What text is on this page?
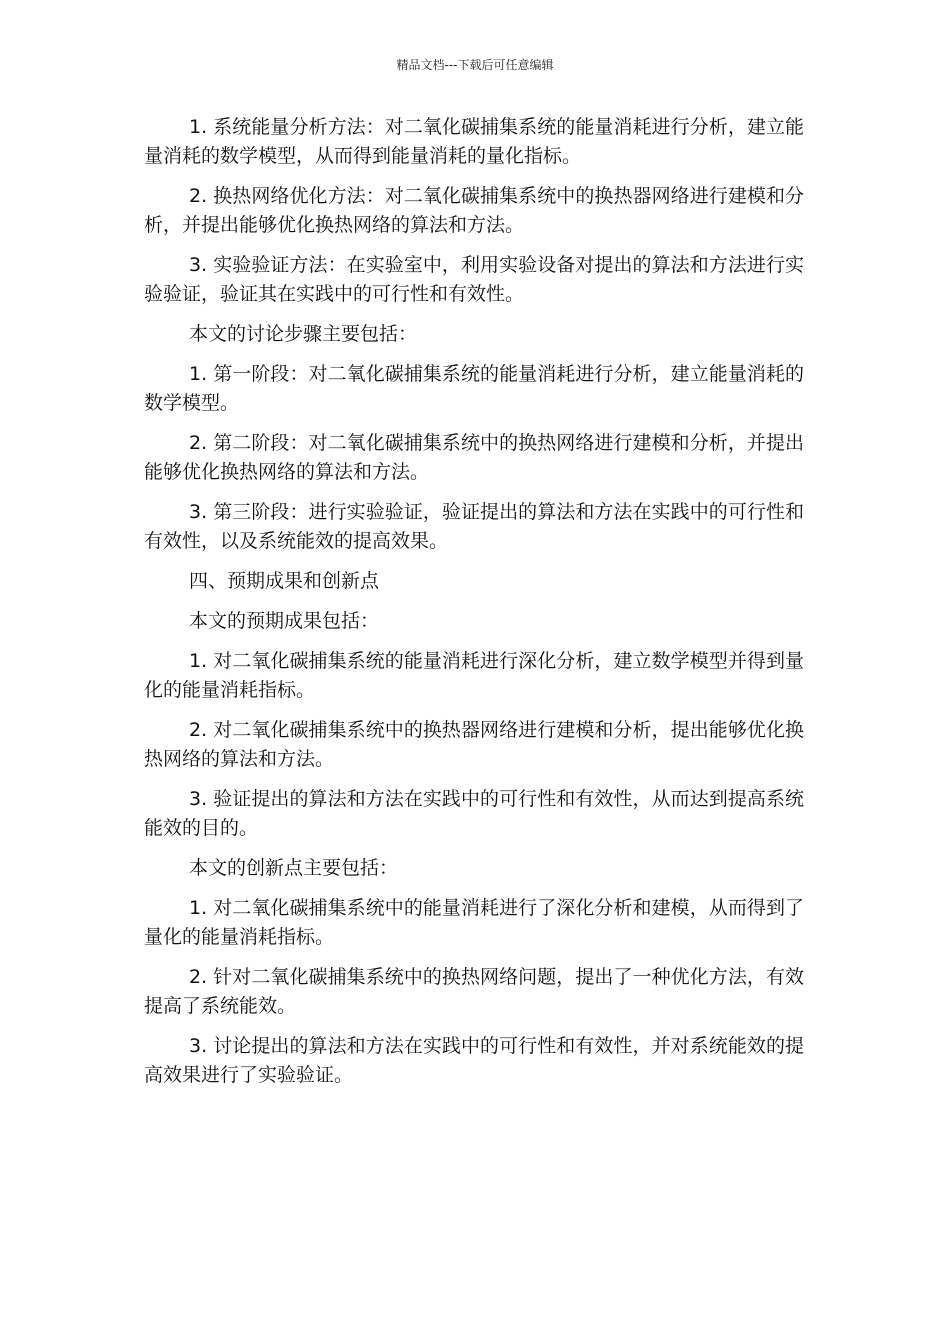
精品文档---下载后可任意编辑

1. 系统能量分析方法：对二氧化碳捕集系统的能量消耗进行分析，建立能量消耗的数学模型，从而得到能量消耗的量化指标。

2. 换热网络优化方法：对二氧化碳捕集系统中的换热器网络进行建模和分析，并提出能够优化换热网络的算法和方法。

3. 实验验证方法：在实验室中，利用实验设备对提出的算法和方法进行实验验证，验证其在实践中的可行性和有效性。

本文的讨论步骤主要包括：

1. 第一阶段：对二氧化碳捕集系统的能量消耗进行分析，建立能量消耗的数学模型。

2. 第二阶段：对二氧化碳捕集系统中的换热网络进行建模和分析，并提出能够优化换热网络的算法和方法。

3. 第三阶段：进行实验验证，验证提出的算法和方法在实践中的可行性和有效性，以及系统能效的提高效果。

四、预期成果和创新点

本文的预期成果包括：

1. 对二氧化碳捕集系统的能量消耗进行深化分析，建立数学模型并得到量化的能量消耗指标。

2. 对二氧化碳捕集系统中的换热器网络进行建模和分析，提出能够优化换热网络的算法和方法。

3. 验证提出的算法和方法在实践中的可行性和有效性，从而达到提高系统能效的目的。

本文的创新点主要包括：

1. 对二氧化碳捕集系统中的能量消耗进行了深化分析和建模，从而得到了量化的能量消耗指标。

2. 针对二氧化碳捕集系统中的换热网络问题，提出了一种优化方法，有效提高了系统能效。

3. 讨论提出的算法和方法在实践中的可行性和有效性，并对系统能效的提高效果进行了实验验证。
